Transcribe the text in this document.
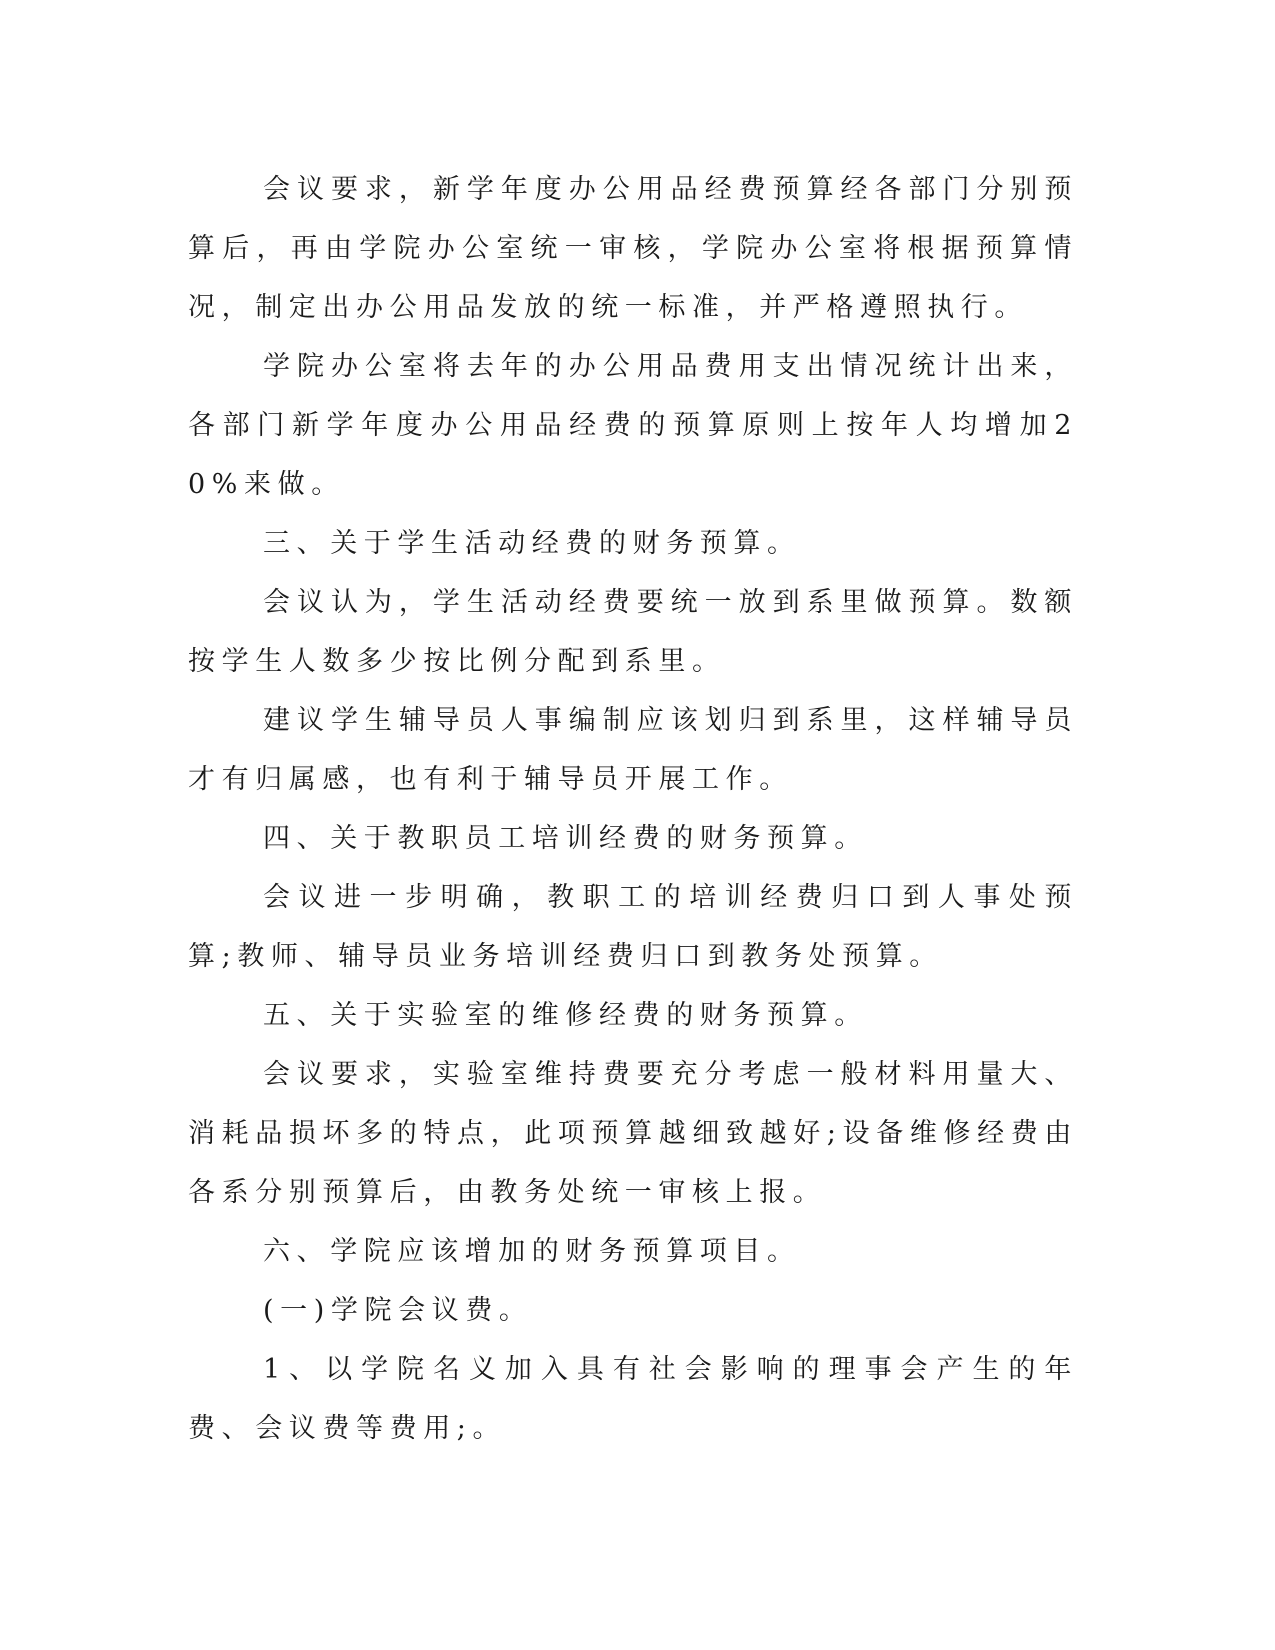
会议要求，新学年度办公用品经费预算经各部门分别预算后，再由学院办公室统一审核，学院办公室将根据预算情况，制定出办公用品发放的统一标准，并严格遵照执行。

学院办公室将去年的办公用品费用支出情况统计出来，各部门新学年度办公用品经费的预算原则上按年人均增加20%来做。

三、关于学生活动经费的财务预算。

会议认为，学生活动经费要统一放到系里做预算。数额按学生人数多少按比例分配到系里。

建议学生辅导员人事编制应该划归到系里，这样辅导员才有归属感，也有利于辅导员开展工作。

四、关于教职员工培训经费的财务预算。

会议进一步明确，教职工的培训经费归口到人事处预算;教师、辅导员业务培训经费归口到教务处预算。

五、关于实验室的维修经费的财务预算。

会议要求，实验室维持费要充分考虑一般材料用量大、消耗品损坏多的特点，此项预算越细致越好;设备维修经费由各系分别预算后，由教务处统一审核上报。

六、学院应该增加的财务预算项目。

(一)学院会议费。

1、以学院名义加入具有社会影响的理事会产生的年费、会议费等费用;。
